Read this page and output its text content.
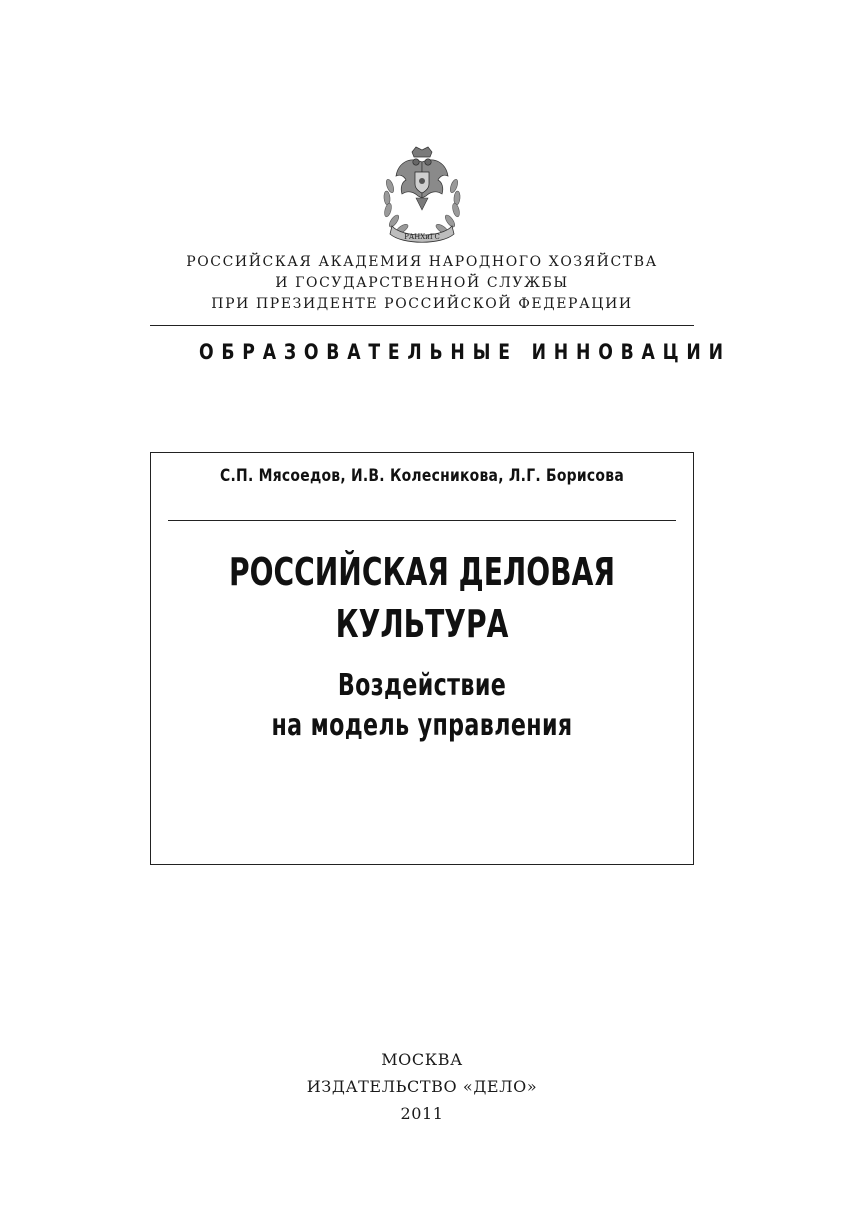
РАНХиГС
РОССИЙСКАЯ АКАДЕМИЯ НАРОДНОГО ХОЗЯЙСТВА
И ГОСУДАРСТВЕННОЙ СЛУЖБЫ
ПРИ ПРЕЗИДЕНТЕ РОССИЙСКОЙ ФЕДЕРАЦИИ
ОБРАЗОВАТЕЛЬНЫЕ ИННОВАЦИИ
С.П. Мясоедов, И.В. Колесникова, Л.Г. Борисова
РОССИЙСКАЯ ДЕЛОВАЯ
КУЛЬТУРА
Воздействие
на модель управления
МОСКВА
ИЗДАТЕЛЬСТВО «ДЕЛО»
2011
